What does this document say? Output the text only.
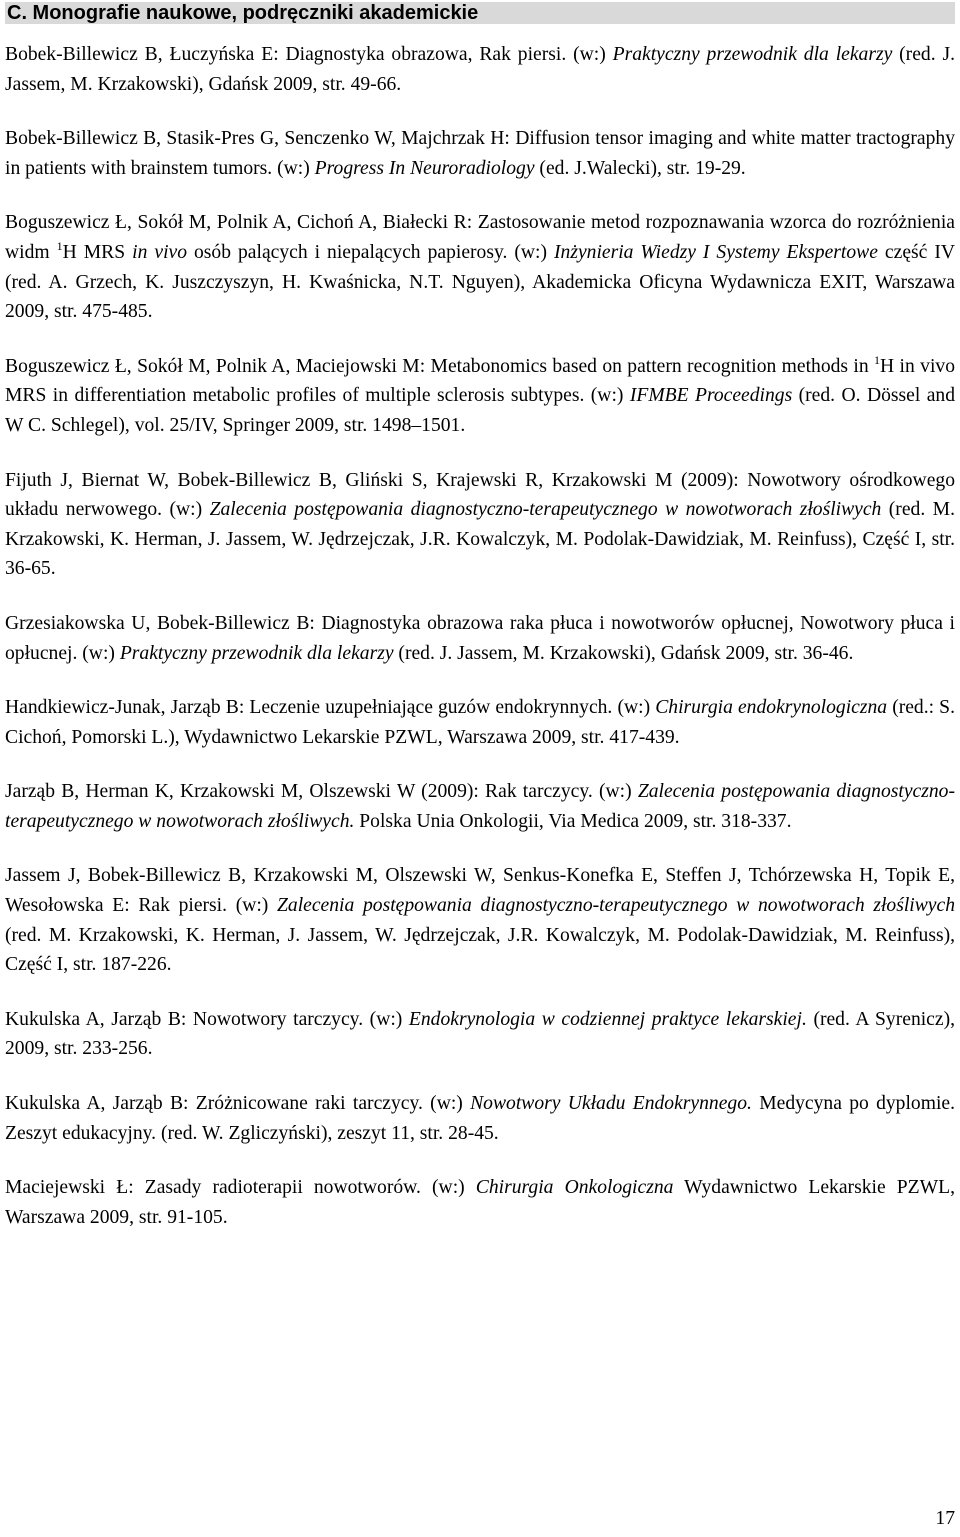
C. Monografie naukowe, podręczniki akademickie
Bobek-Billewicz B, Łuczyńska E: Diagnostyka obrazowa, Rak piersi. (w:) Praktyczny przewodnik dla lekarzy (red. J. Jassem, M. Krzakowski), Gdańsk 2009, str. 49-66.
Bobek-Billewicz B, Stasik-Pres G, Senczenko W, Majchrzak H: Diffusion tensor imaging and white matter tractography in patients with brainstem tumors. (w:) Progress In Neuroradiology (ed. J.Walecki), str. 19-29.
Boguszewicz Ł, Sokół M, Polnik A, Cichoń A, Białecki R: Zastosowanie metod rozpoznawania wzorca do rozróżnienia widm $^1$H MRS in vivo osób palących i niepalących papierosy. (w:) Inżynieria Wiedzy I Systemy Ekspertowe część IV (red. A. Grzech, K. Juszczyszyn, H. Kwaśnicka, N.T. Nguyen), Akademicka Oficyna Wydawnicza EXIT, Warszawa 2009, str. 475-485.
Boguszewicz Ł, Sokół M, Polnik A, Maciejowski M: Metabonomics based on pattern recognition methods in $^1$H in vivo MRS in differentiation metabolic profiles of multiple sclerosis subtypes. (w:) IFMBE Proceedings (red. O. Dössel and W C. Schlegel), vol. 25/IV, Springer 2009, str. 1498–1501.
Fijuth J, Biernat W, Bobek-Billewicz B, Gliński S, Krajewski R, Krzakowski M (2009): Nowotwory ośrodkowego układu nerwowego. (w:) Zalecenia postępowania diagnostyczno-terapeutycznego w nowotworach złośliwych (red. M. Krzakowski, K. Herman, J. Jassem, W. Jędrzejczak, J.R. Kowalczyk, M. Podolak-Dawidziak, M. Reinfuss), Część I, str. 36-65.
Grzesiakowska U, Bobek-Billewicz B: Diagnostyka obrazowa raka płuca i nowotworów opłucnej, Nowotwory płuca i opłucnej. (w:) Praktyczny przewodnik dla lekarzy (red. J. Jassem, M. Krzakowski), Gdańsk 2009, str. 36-46.
Handkiewicz-Junak, Jarząb B: Leczenie uzupełniające guzów endokrynnych. (w:) Chirurgia endokrynologiczna (red.: S. Cichoń, Pomorski L.), Wydawnictwo Lekarskie PZWL, Warszawa 2009, str. 417-439.
Jarząb B, Herman K, Krzakowski M, Olszewski W (2009): Rak tarczycy. (w:) Zalecenia postępowania diagnostyczno-terapeutycznego w nowotworach złośliwych. Polska Unia Onkologii, Via Medica 2009, str. 318-337.
Jassem J, Bobek-Billewicz B, Krzakowski M, Olszewski W, Senkus-Konefka E, Steffen J, Tchórzewska H, Topik E, Wesołowska E: Rak piersi. (w:) Zalecenia postępowania diagnostyczno-terapeutycznego w nowotworach złośliwych (red. M. Krzakowski, K. Herman, J. Jassem, W. Jędrzejczak, J.R. Kowalczyk, M. Podolak-Dawidziak, M. Reinfuss), Część I, str. 187-226.
Kukulska A, Jarząb B: Nowotwory tarczycy. (w:) Endokrynologia w codziennej praktyce lekarskiej. (red. A Syrenicz), 2009, str. 233-256.
Kukulska A, Jarząb B: Zróżnicowane raki tarczycy. (w:) Nowotwory Układu Endokrynnego. Medycyna po dyplomie. Zeszyt edukacyjny. (red. W. Zgliczyński), zeszyt 11, str. 28-45.
Maciejewski Ł: Zasady radioterapii nowotworów. (w:) Chirurgia Onkologiczna Wydawnictwo Lekarskie PZWL, Warszawa 2009, str. 91-105.
17
